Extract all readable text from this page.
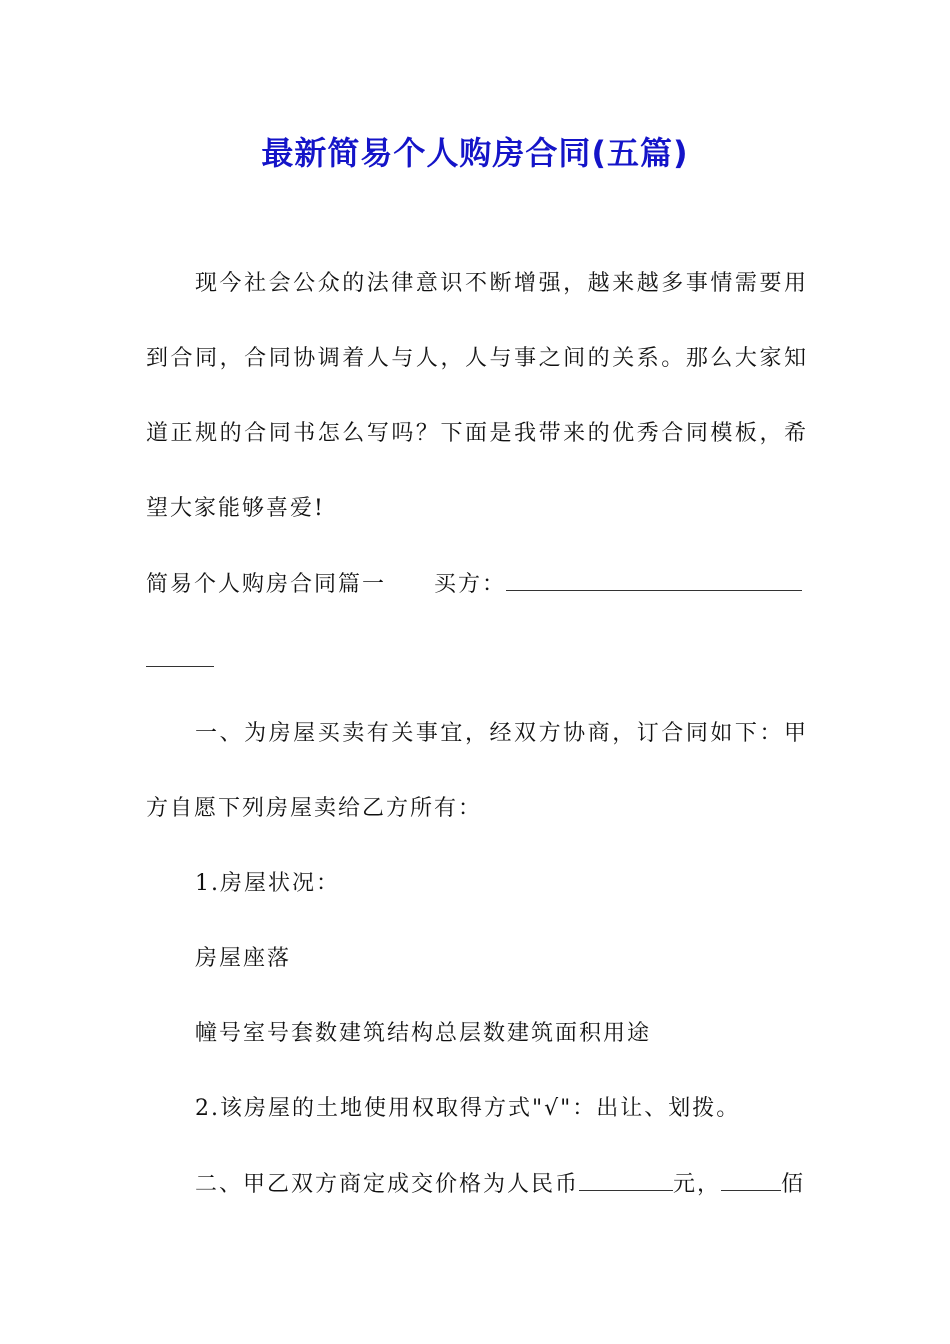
最新简易个人购房合同(五篇)

现今社会公众的法律意识不断增强，越来越多事情需要用

到合同，合同协调着人与人，人与事之间的关系。那么大家知

道正规的合同书怎么写吗？下面是我带来的优秀合同模板，希

望大家能够喜爱!

简易个人购房合同篇一 买方：

一、为房屋买卖有关事宜，经双方协商，订合同如下：甲

方自愿下列房屋卖给乙方所有：

1.房屋状况：

房屋座落

幢号室号套数建筑结构总层数建筑面积用途

2.该房屋的土地使用权取得方式"√"：出让、划拨。

二、甲乙双方商定成交价格为人民币	元，	佰
